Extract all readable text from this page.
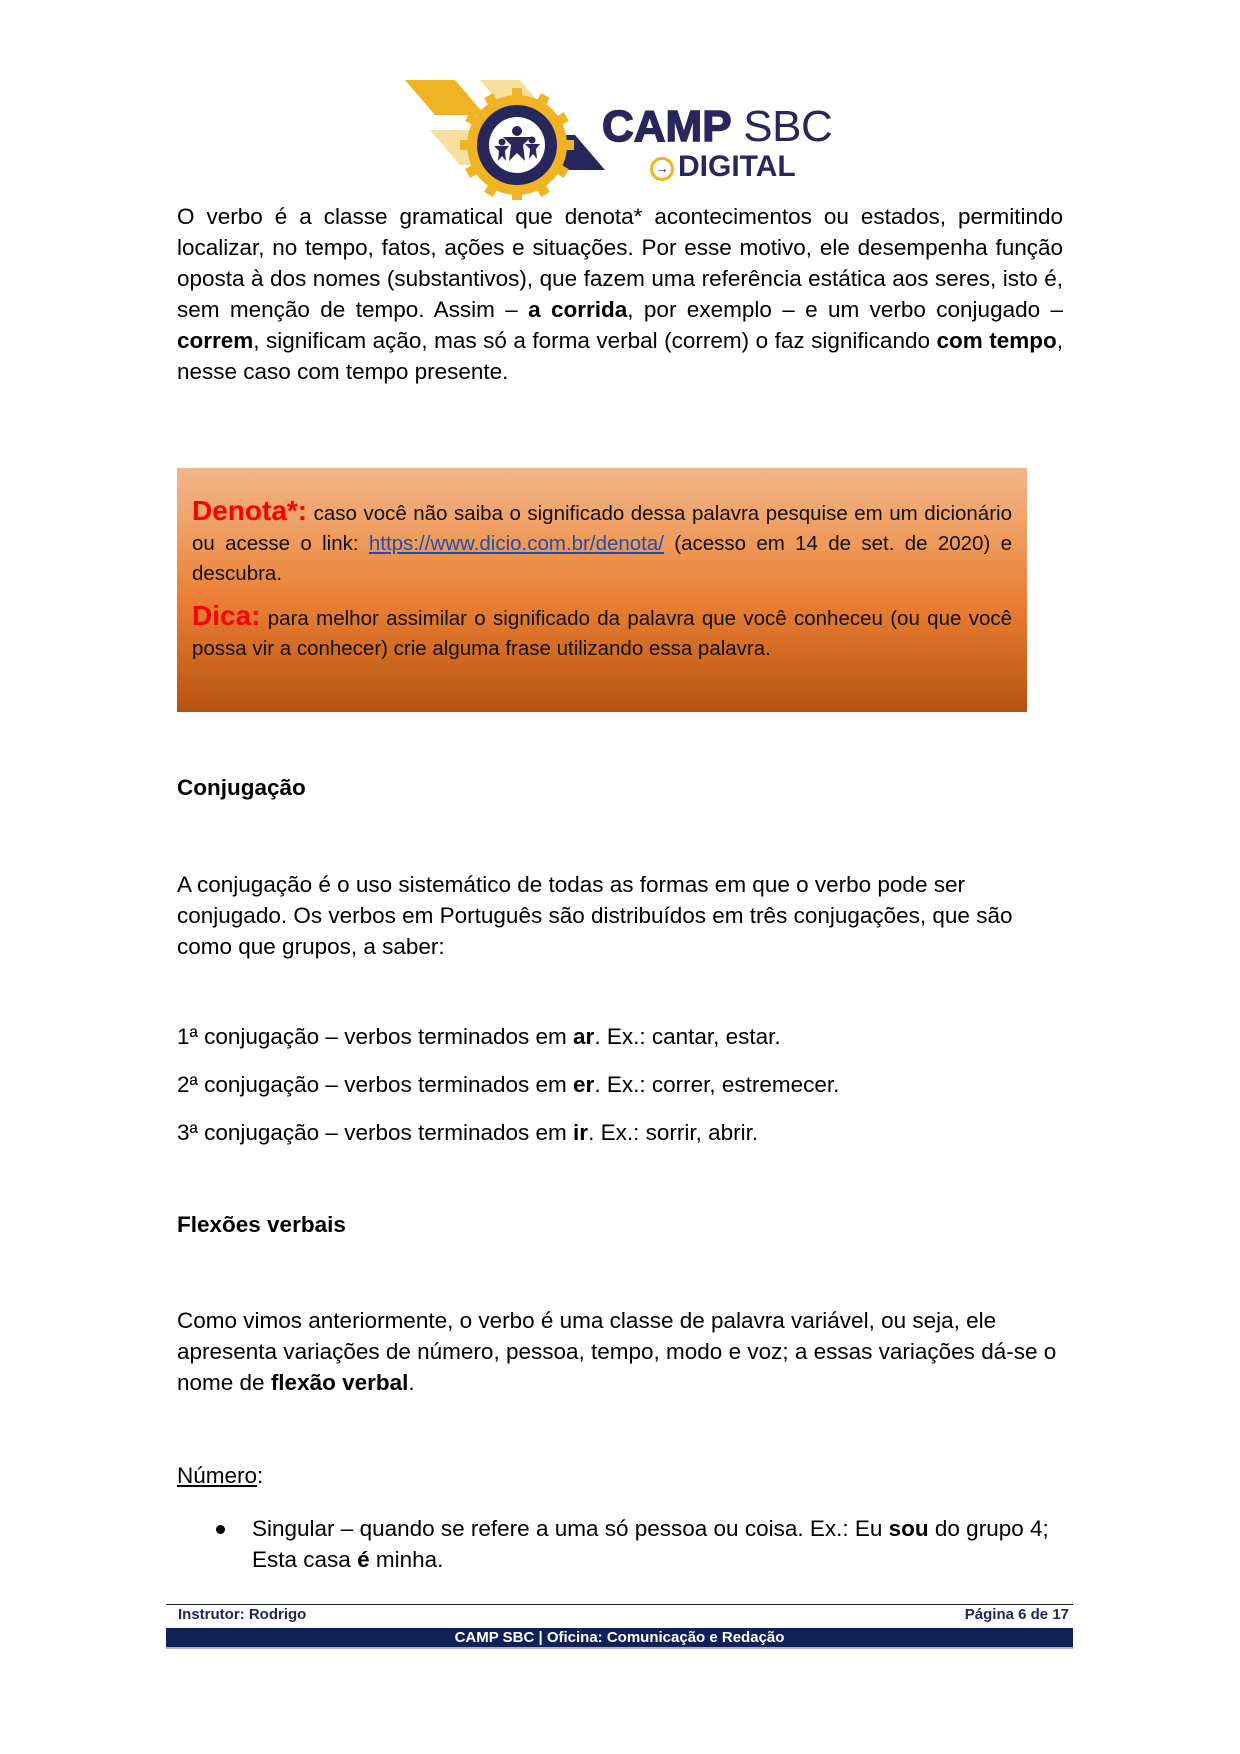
CAMP SBC
→ DIGITAL
O verbo é a classe gramatical que denota* acontecimentos ou estados, permitindo localizar, no tempo, fatos, ações e situações. Por esse motivo, ele desempenha função oposta à dos nomes (substantivos), que fazem uma referência estática aos seres, isto é, sem menção de tempo. Assim – a corrida, por exemplo – e um verbo conjugado – correm, significam ação, mas só a forma verbal (correm) o faz significando com tempo, nesse caso com tempo presente.

Denota*: caso você não saiba o significado dessa palavra pesquise em um dicionário ou acesse o link: https://www.dicio.com.br/denota/ (acesso em 14 de set. de 2020) e descubra.

Dica: para melhor assimilar o significado da palavra que você conheceu (ou que você possa vir a conhecer) crie alguma frase utilizando essa palavra.

Conjugação
A conjugação é o uso sistemático de todas as formas em que o verbo pode ser conjugado. Os verbos em Português são distribuídos em três conjugações, que são como que grupos, a saber:
1ª conjugação – verbos terminados em ar. Ex.: cantar, estar.
2ª conjugação – verbos terminados em er. Ex.: correr, estremecer.
3ª conjugação – verbos terminados em ir. Ex.: sorrir, abrir.
Flexões verbais
Como vimos anteriormente, o verbo é uma classe de palavra variável, ou seja, ele apresenta variações de número, pessoa, tempo, modo e voz; a essas variações dá-se o nome de flexão verbal.
Número:
Singular – quando se refere a uma só pessoa ou coisa. Ex.: Eu sou do grupo 4; Esta casa é minha.
Instrutor: Rodrigo	Página 6 de 17
CAMP SBC | Oficina: Comunicação e Redação
